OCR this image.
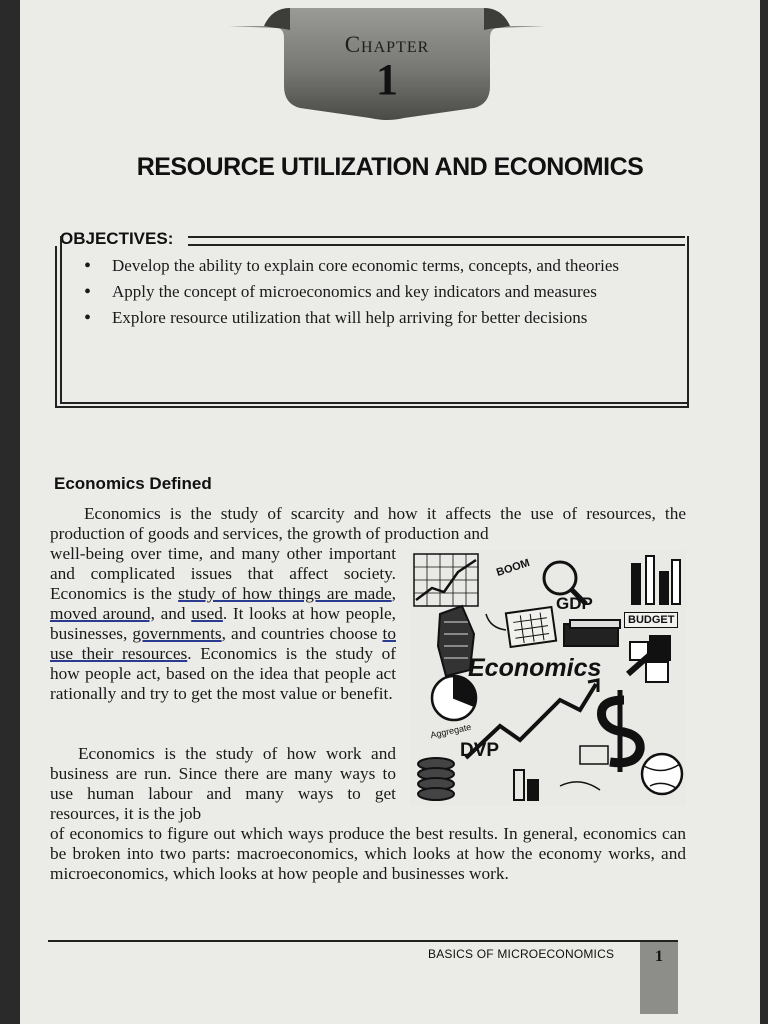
Chapter
1
RESOURCE UTILIZATION AND ECONOMICS
OBJECTIVES:
• Develop the ability to explain core economic terms, concepts, and theories
• Apply the concept of microeconomics and key indicators and measures
• Explore resource utilization that will help arriving for better decisions
Economics Defined

Economics is the study of scarcity and how it affects the use of resources, the production of goods and services, the growth of production and

well-being over time, and many other important and complicated issues that affect society. Economics is the study of how things are made, moved around, and used. It looks at how people, businesses, governments, and countries choose to use their resources. Economics is the study of how people act, based on the idea that people act rationally and try to get the most value or benefit.

Economics is the study of how work and business are run. Since there are many ways to use human labour and many ways to get resources, it is the job

of economics to figure out which ways produce the best results. In general, economics can be broken into two parts: macroeconomics, which looks at how the economy works, and microeconomics, which looks at how people and businesses work.

BOOM
GDP
BUDGET
Economics
Aggregate
DVP
BASICS OF MICROECONOMICS	1
